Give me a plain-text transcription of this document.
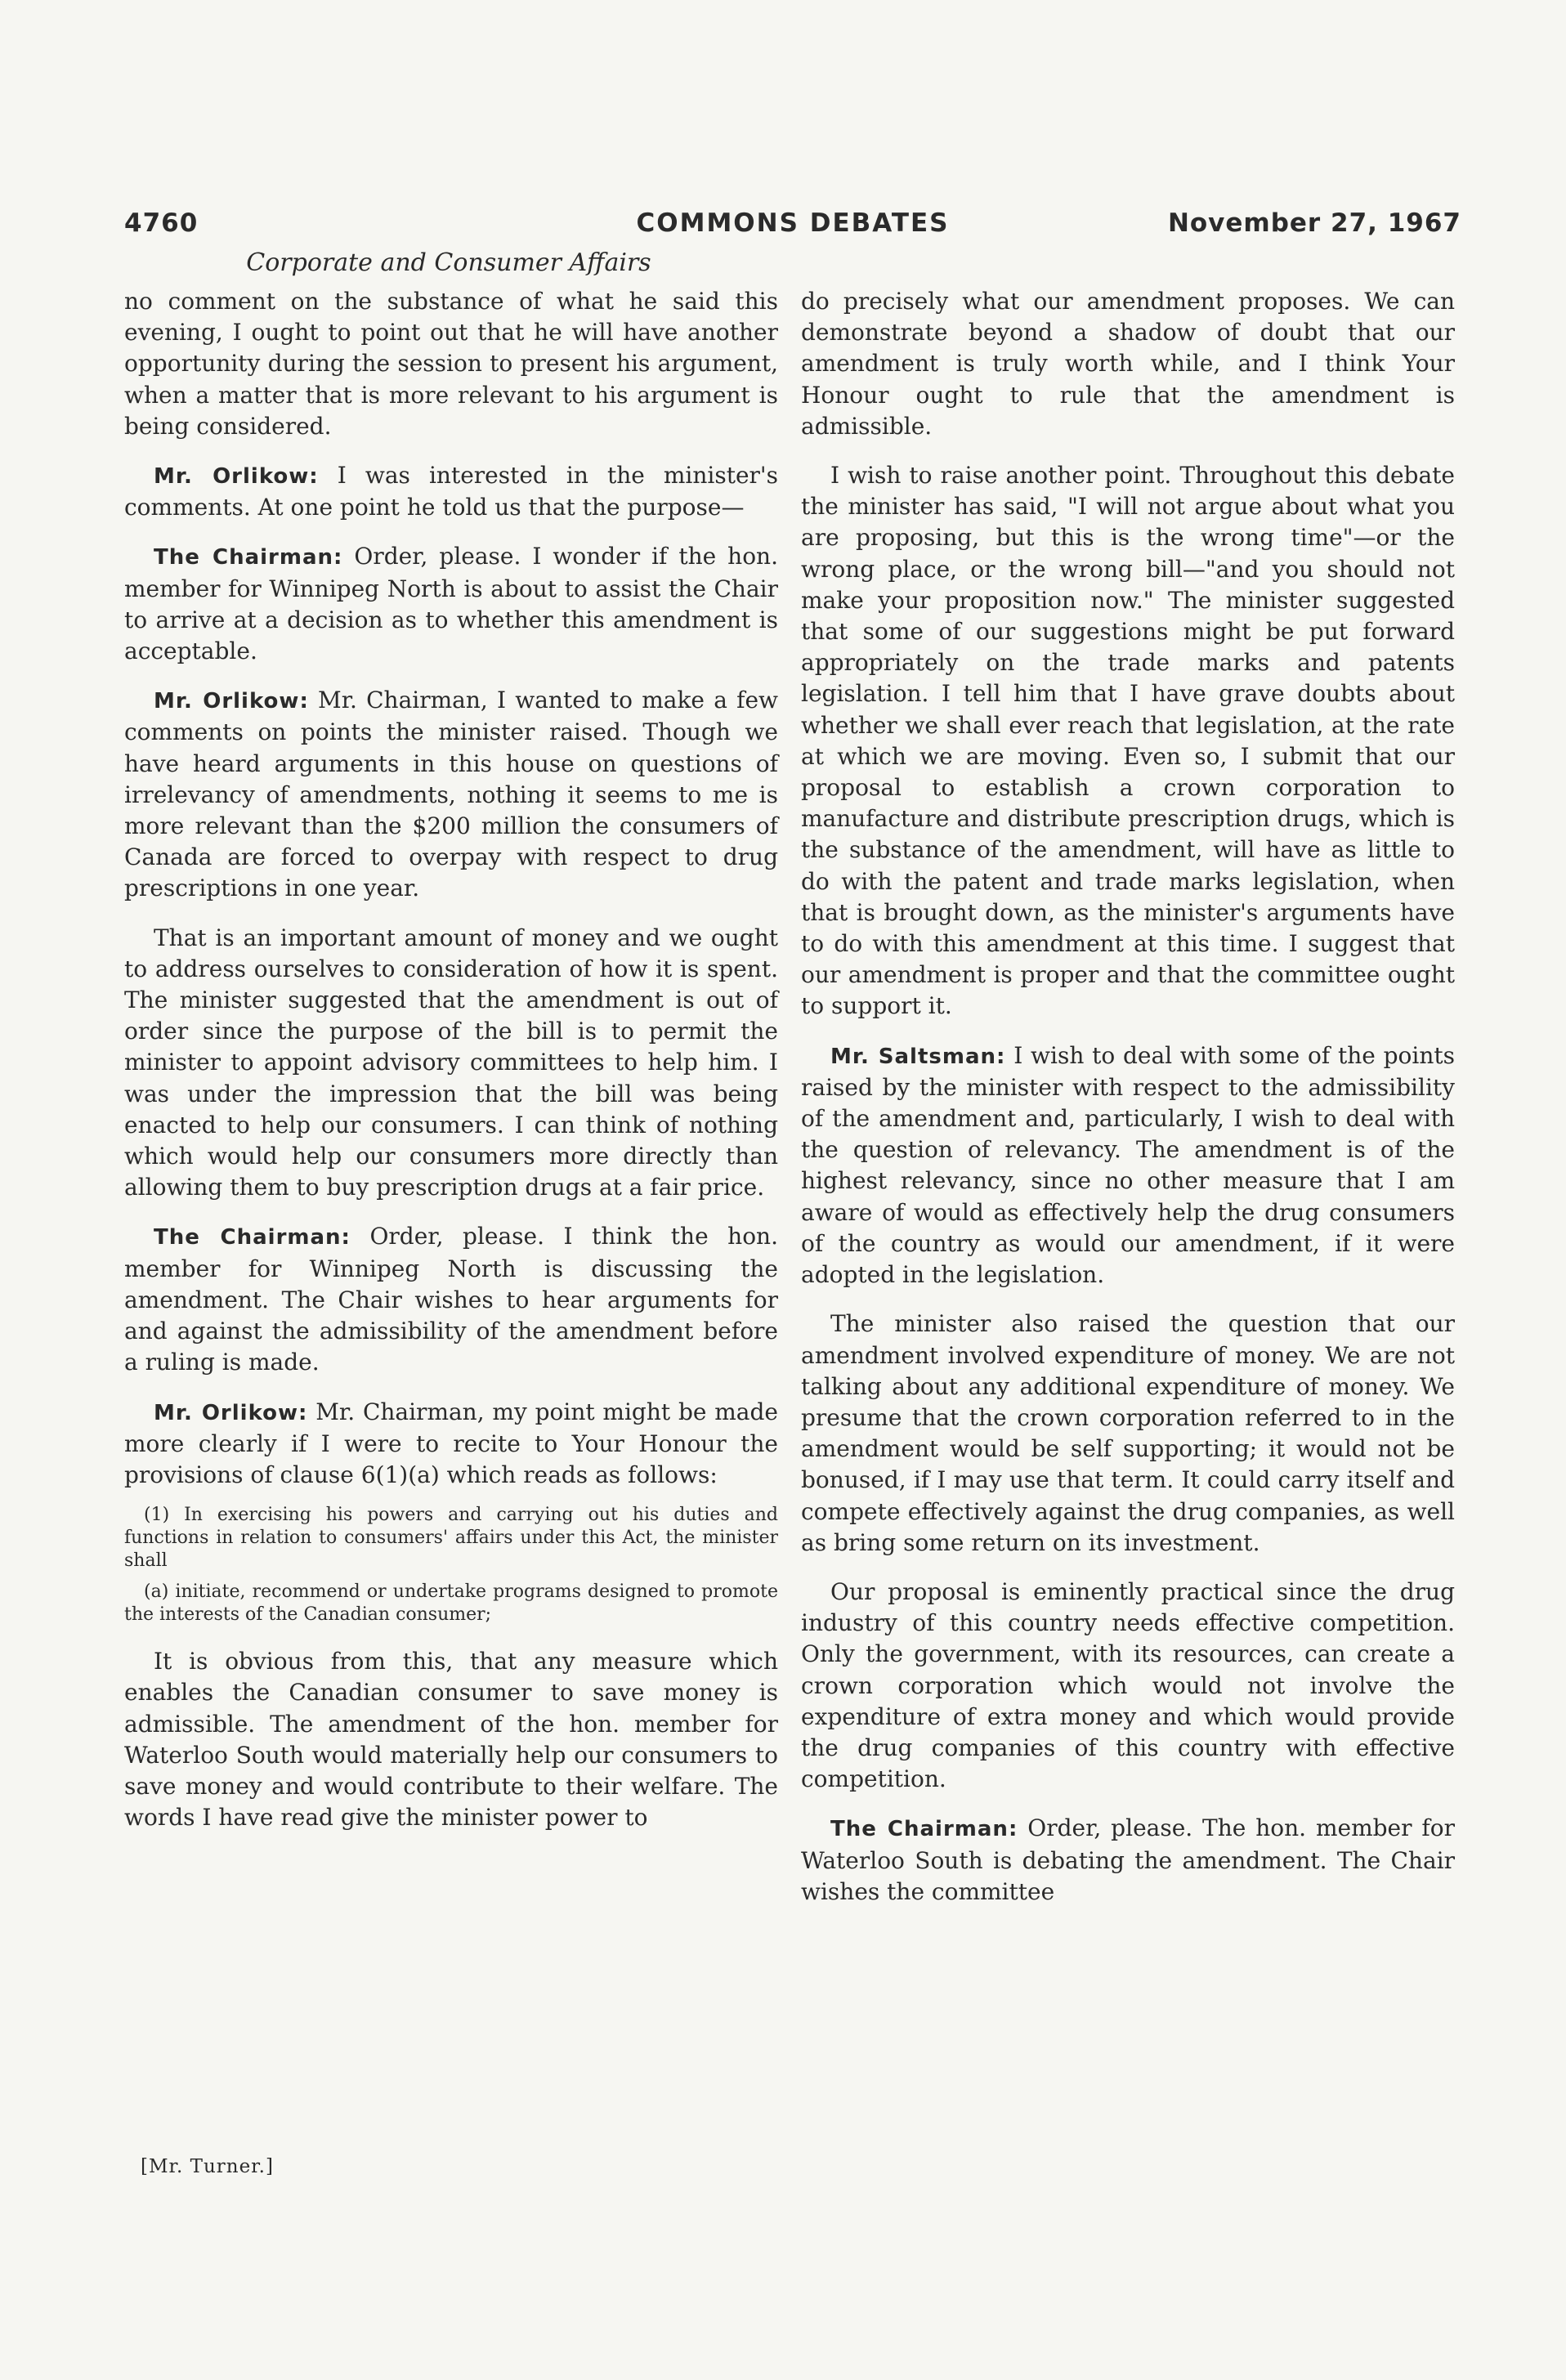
4760	COMMONS DEBATES	November 27, 1967
Corporate and Consumer Affairs

no comment on the substance of what he said this evening, I ought to point out that he will have another opportunity during the session to present his argument, when a matter that is more relevant to his argument is being considered.

Mr. Orlikow: I was interested in the minister's comments. At one point he told us that the purpose—

The Chairman: Order, please. I wonder if the hon. member for Winnipeg North is about to assist the Chair to arrive at a decision as to whether this amendment is acceptable.

Mr. Orlikow: Mr. Chairman, I wanted to make a few comments on points the minister raised. Though we have heard arguments in this house on questions of irrelevancy of amendments, nothing it seems to me is more relevant than the $200 million the consumers of Canada are forced to overpay with respect to drug prescriptions in one year.

That is an important amount of money and we ought to address ourselves to consideration of how it is spent. The minister suggested that the amendment is out of order since the purpose of the bill is to permit the minister to appoint advisory committees to help him. I was under the impression that the bill was being enacted to help our consumers. I can think of nothing which would help our consumers more directly than allowing them to buy prescription drugs at a fair price.

The Chairman: Order, please. I think the hon. member for Winnipeg North is discussing the amendment. The Chair wishes to hear arguments for and against the admissibility of the amendment before a ruling is made.

Mr. Orlikow: Mr. Chairman, my point might be made more clearly if I were to recite to Your Honour the provisions of clause 6(1)(a) which reads as follows:

(1) In exercising his powers and carrying out his duties and functions in relation to consumers' affairs under this Act, the minister shall

(a) initiate, recommend or undertake programs designed to promote the interests of the Canadian consumer;

It is obvious from this, that any measure which enables the Canadian consumer to save money is admissible. The amendment of the hon. member for Waterloo South would materially help our consumers to save money and would contribute to their welfare. The words I have read give the minister power to

do precisely what our amendment proposes. We can demonstrate beyond a shadow of doubt that our amendment is truly worth while, and I think Your Honour ought to rule that the amendment is admissible.

I wish to raise another point. Throughout this debate the minister has said, "I will not argue about what you are proposing, but this is the wrong time"—or the wrong place, or the wrong bill—"and you should not make your proposition now." The minister suggested that some of our suggestions might be put forward appropriately on the trade marks and patents legislation. I tell him that I have grave doubts about whether we shall ever reach that legislation, at the rate at which we are moving. Even so, I submit that our proposal to establish a crown corporation to manufacture and distribute prescription drugs, which is the substance of the amendment, will have as little to do with the patent and trade marks legislation, when that is brought down, as the minister's arguments have to do with this amendment at this time. I suggest that our amendment is proper and that the committee ought to support it.

Mr. Saltsman: I wish to deal with some of the points raised by the minister with respect to the admissibility of the amendment and, particularly, I wish to deal with the question of relevancy. The amendment is of the highest relevancy, since no other measure that I am aware of would as effectively help the drug consumers of the country as would our amendment, if it were adopted in the legislation.

The minister also raised the question that our amendment involved expenditure of money. We are not talking about any additional expenditure of money. We presume that the crown corporation referred to in the amendment would be self supporting; it would not be bonused, if I may use that term. It could carry itself and compete effectively against the drug companies, as well as bring some return on its investment.

Our proposal is eminently practical since the drug industry of this country needs effective competition. Only the government, with its resources, can create a crown corporation which would not involve the expenditure of extra money and which would provide the drug companies of this country with effective competition.

The Chairman: Order, please. The hon. member for Waterloo South is debating the amendment. The Chair wishes the committee

[Mr. Turner.]
